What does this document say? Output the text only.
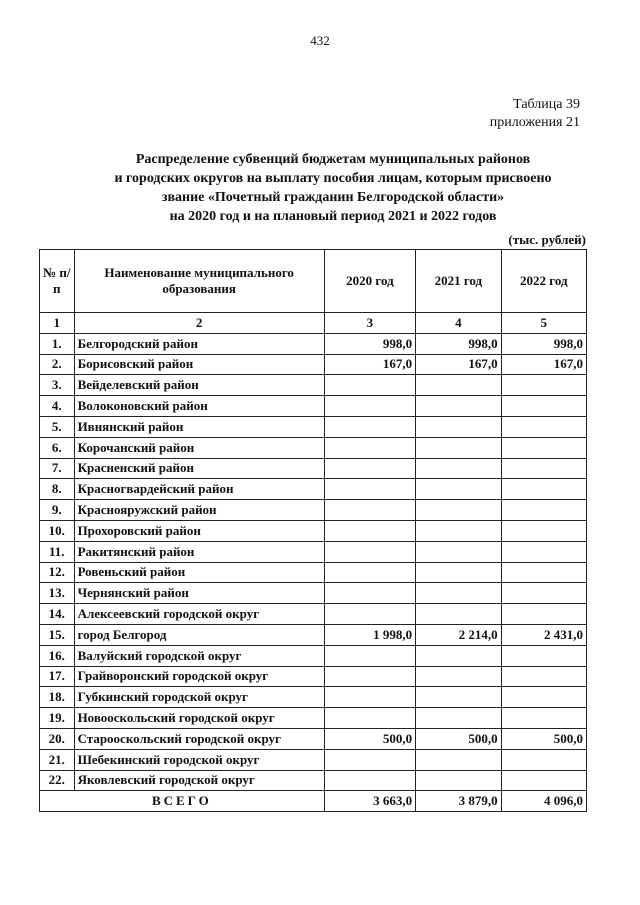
432
Таблица 39
приложения 21
Распределение субвенций бюджетам муниципальных районов
и городских округов на выплату пособия лицам, которым присвоено
звание «Почетный гражданин Белгородской области»
на 2020 год и на плановый период 2021 и 2022 годов
(тыс. рублей)
№ п/п	Наименование муниципального образования	2020 год	2021 год	2022 год
1	2	3	4	5
1.	Белгородский район	998,0	998,0	998,0
2.	Борисовский район	167,0	167,0	167,0
3.	Вейделевский район			
4.	Волоконовский район			
5.	Ивнянский район			
6.	Корочанский район			
7.	Красненский район			
8.	Красногвардейский район			
9.	Краснояружский район			
10.	Прохоровский район			
11.	Ракитянский район			
12.	Ровеньский район			
13.	Чернянский район			
14.	Алексеевский городской округ			
15.	город Белгород	1 998,0	2 214,0	2 431,0
16.	Валуйский городской округ			
17.	Грайворонский городской округ			
18.	Губкинский городской округ			
19.	Новооскольский городской округ			
20.	Старооскольский городской округ	500,0	500,0	500,0
21.	Шебекинский городской округ			
22.	Яковлевский городской округ			
ВСЕГО		3 663,0	3 879,0	4 096,0
